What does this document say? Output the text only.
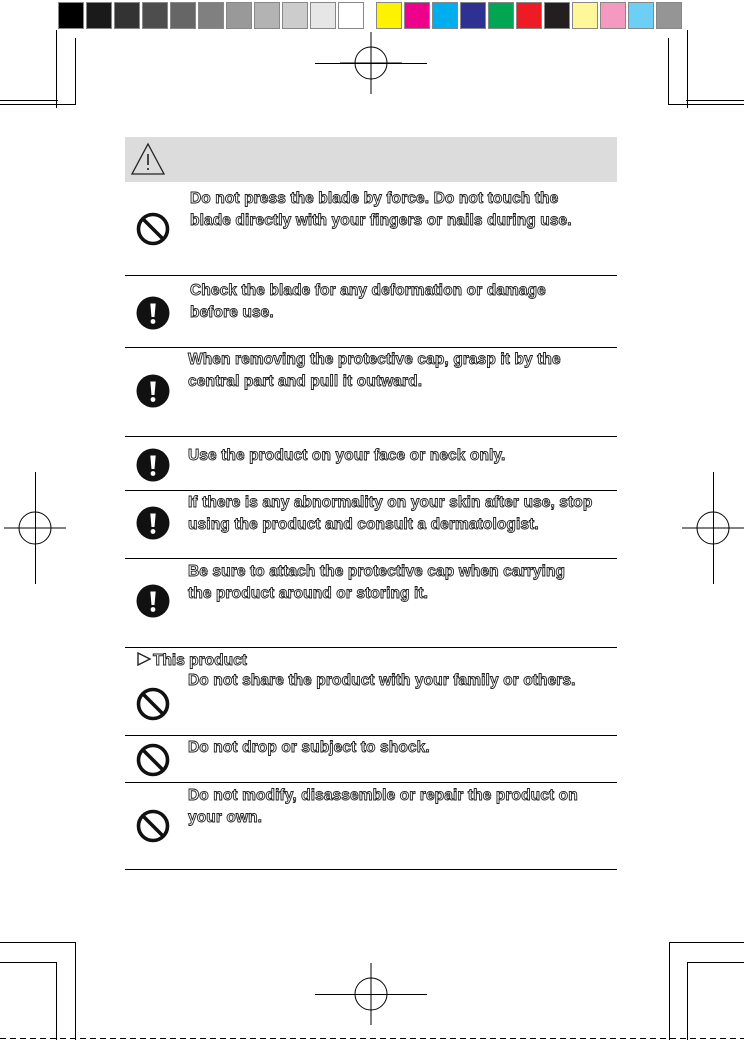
Do not press the blade by force. Do not touch the
blade directly with your fingers or nails during use.
Check the blade for any deformation or damage
before use.
When removing the protective cap, grasp it by the
central part and pull it outward.
Use the product on your face or neck only.
If there is any abnormality on your skin after use, stop
using the product and consult a dermatologist.
Be sure to attach the protective cap when carrying
the product around or storing it.
This product
Do not share the product with your family or others.
Do not drop or subject to shock.
Do not modify, disassemble or repair the product on
your own.
